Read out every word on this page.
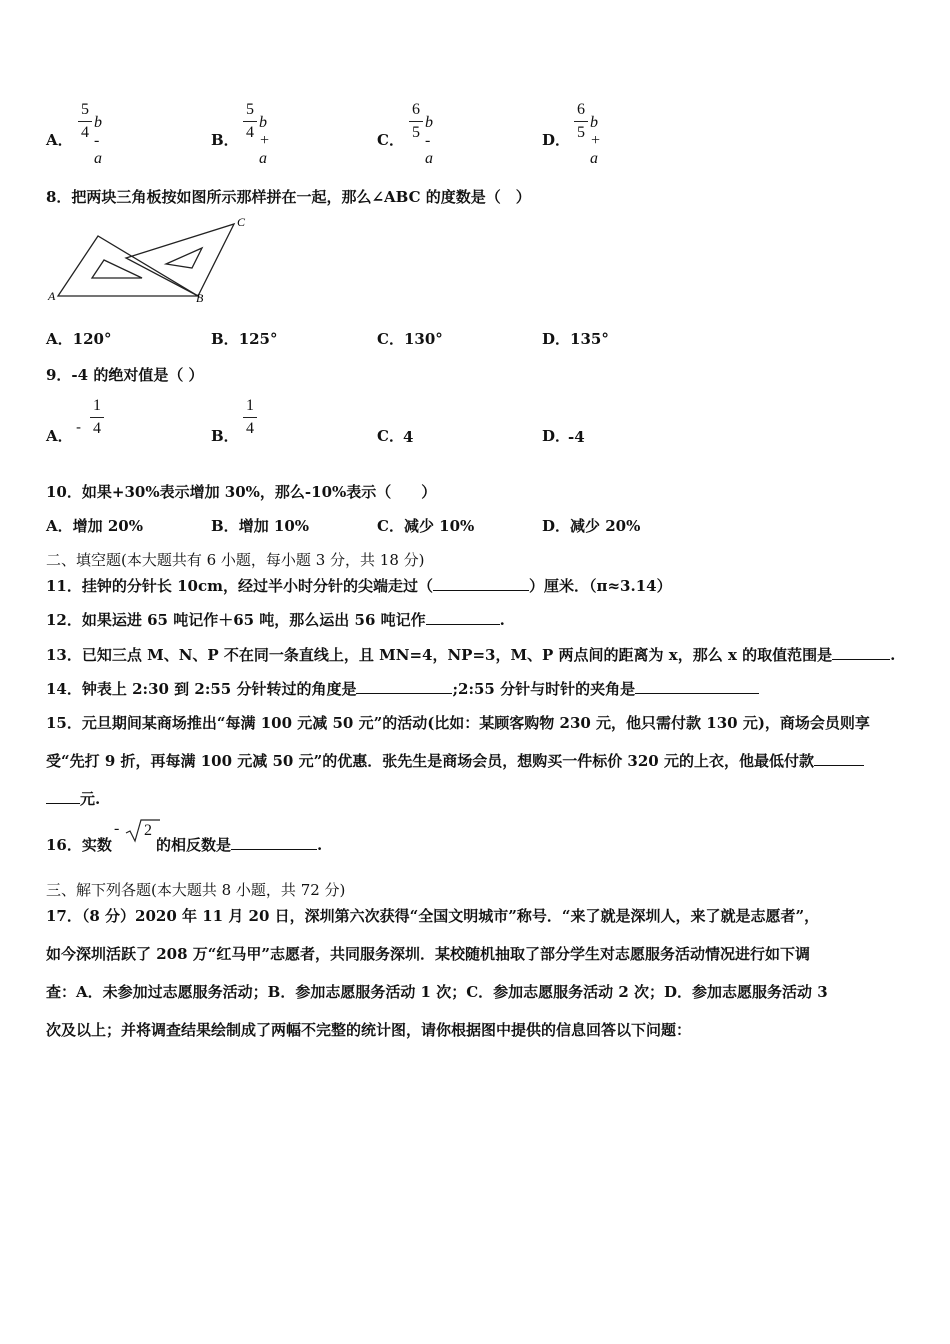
A．
5
4
b - a
B．
5
4
b + a
C．
6
5
b - a
D．
6
5
b + a
8．把两块三角板按如图所示那样拼在一起，那么∠ABC 的度数是（　）
A	B
C
A．120°	B．125°	C．130°	D．135°
9．-4 的绝对值是（ ）
A． -
1
4	B．
1
4	C． 4	D．
-4
10．如果+30%表示增加 30%，那么-10%表示（　　）
A．增加 20%	B．增加 10%	C．减少 10%	D．减少 20%
二、填空题(本大题共有 6 小题，每小题 3 分，共 18 分)
11．挂钟的分针长 10cm，经过半小时分针的尖端走过（	）厘米．（π≈3.14）
12．如果运进 65 吨记作＋65 吨，那么运出 56 吨记作	.
13．已知三点 M、N、P 不在同一条直线上，且 MN=4，NP=3，M、P 两点间的距离为 x，那么 x 的取值范围是	.
14．钟表上 2:30 到 2:55 分针转过的角度是	;2:55 分针与时针的夹角是
15．元旦期间某商场推出“每满 100 元减 50 元”的活动(比如：某顾客购物 230 元，他只需付款 130 元)，商场会员则享
受“先打 9 折，再每满 100 元减 50 元”的优惠．张先生是商场会员，想购买一件标价 320 元的上衣，他最低付款
元.
16．实数
- 2
的相反数是	.
三、解下列各题(本大题共 8 小题，共 72 分)
17．（8 分）2020 年 11 月 20 日，深圳第六次获得“全国文明城市”称号．“来了就是深圳人，来了就是志愿者”，
如今深圳活跃了 208 万“红马甲”志愿者，共同服务深圳．某校随机抽取了部分学生对志愿服务活动情况进行如下调
查：A．未参加过志愿服务活动；B．参加志愿服务活动 1 次；C．参加志愿服务活动 2 次；D．参加志愿服务活动 3
次及以上；并将调查结果绘制成了两幅不完整的统计图，请你根据图中提供的信息回答以下问题：
